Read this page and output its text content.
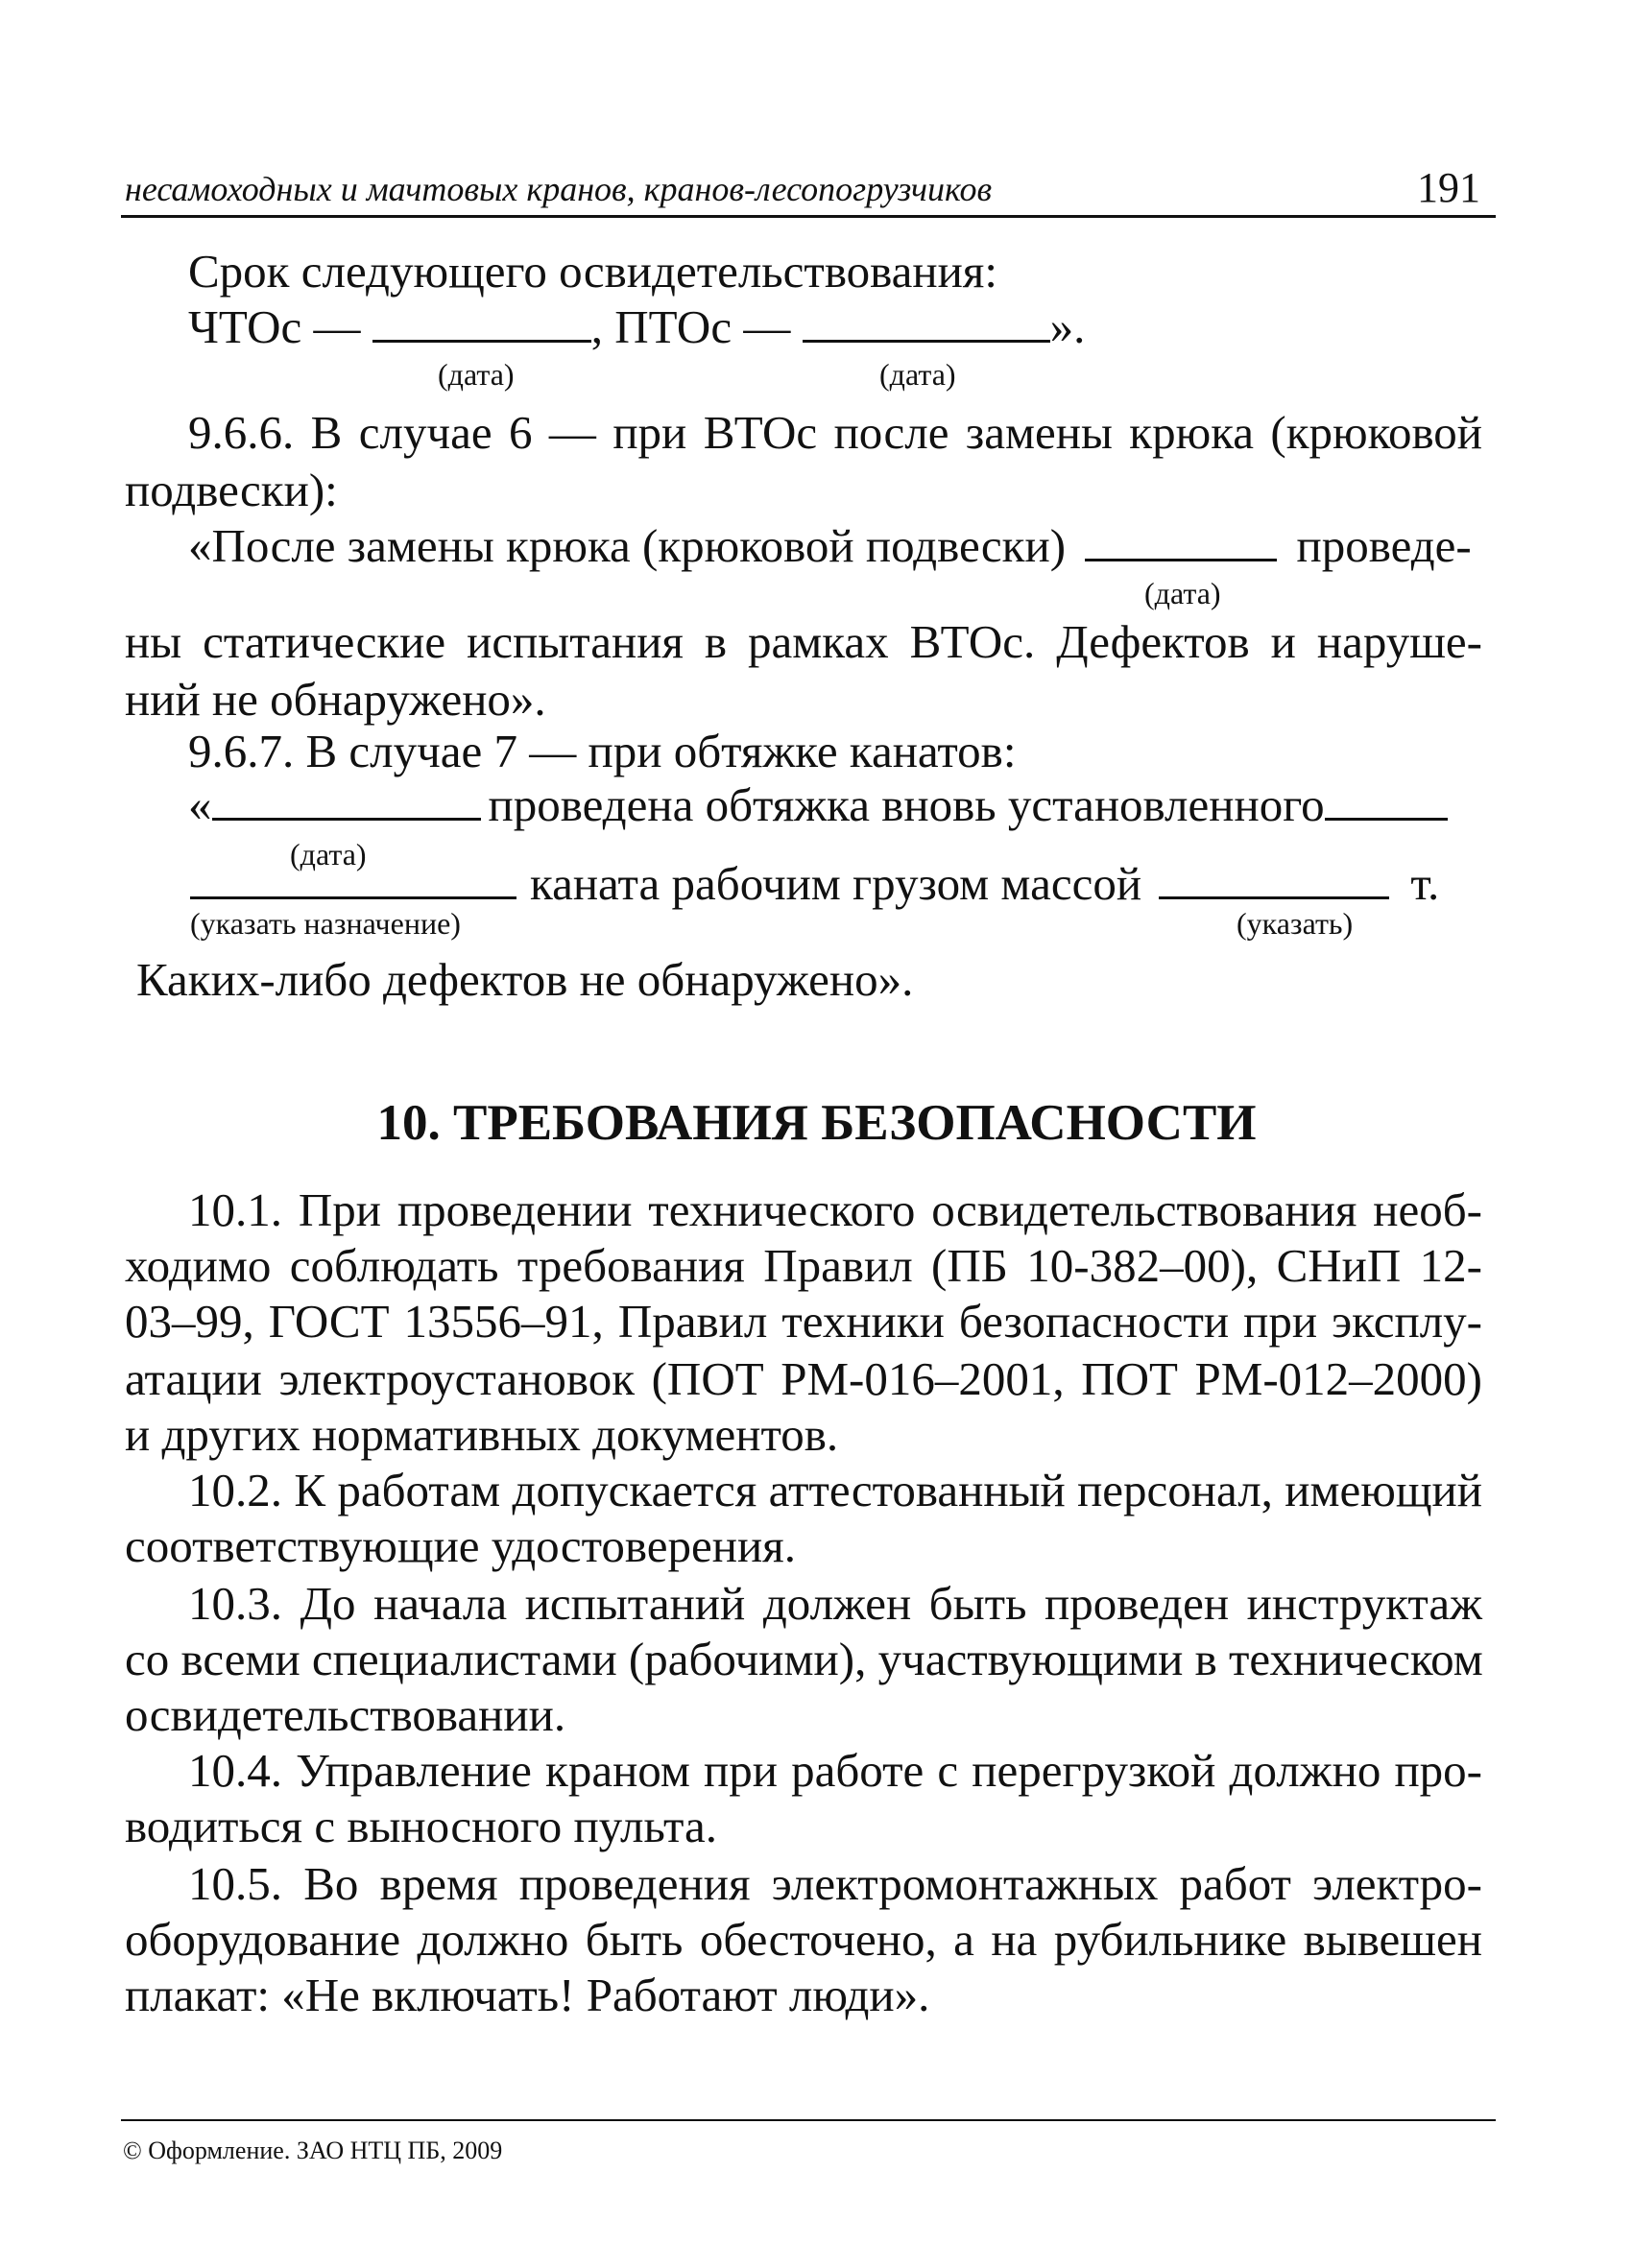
несамоходных и мачтовых кранов, кранов-лесопогрузчиков	191
Срок следующего освидетельствования:
ЧТОс —	, ПТОс —	».
(дата)	(дата)
9.6.6. В случае 6 — при ВТОс после замены крюка (крюковой
подвески):
«После замены крюка (крюковой подвески)	проведе-
(дата)
ны статические испытания в рамках ВТОс. Дефектов и наруше-
ний не обнаружено».
9.6.7. В случае 7 — при обтяжке канатов:
«	проведена обтяжка вновь установленного
(дата)
каната рабочим грузом массой	т.
(указать назначение)	(указать)
Каких-либо дефектов не обнаружено».
10. ТРЕБОВАНИЯ БЕЗОПАСНОСТИ
10.1. При проведении технического освидетельствования необ-
ходимо соблюдать требования Правил (ПБ 10-382–00), СНиП 12-
03–99, ГОСТ 13556–91, Правил техники безопасности при эксплу-
атации электроустановок (ПОТ РМ-016–2001, ПОТ РМ-012–2000)
и других нормативных документов.
10.2. К работам допускается аттестованный персонал, имеющий
соответствующие удостоверения.
10.3. До начала испытаний должен быть проведен инструктаж
со всеми специалистами (рабочими), участвующими в техническом
освидетельствовании.
10.4. Управление краном при работе с перегрузкой должно про-
водиться с выносного пульта.
10.5. Во время проведения электромонтажных работ электро-
оборудование должно быть обесточено, а на рубильнике вывешен
плакат: «Не включать! Работают люди».
© Оформление. ЗАО НТЦ ПБ, 2009
